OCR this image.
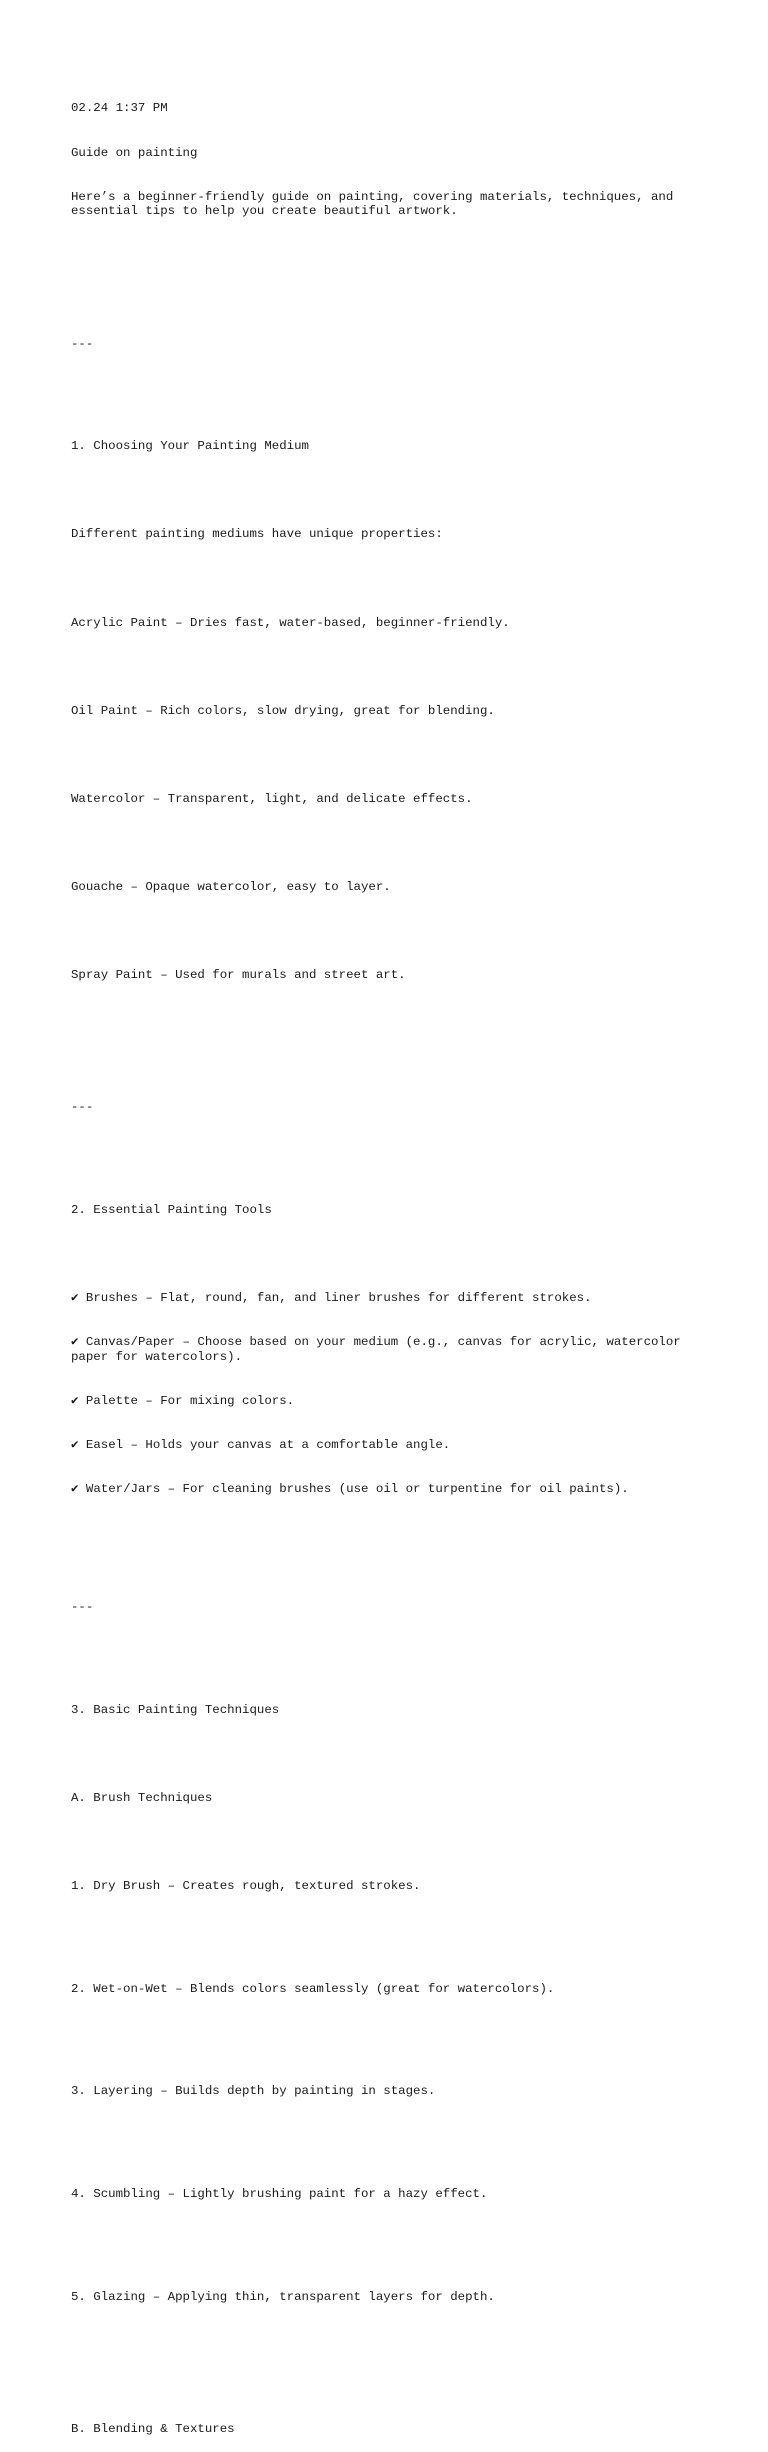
02.24 1:37 PM

Guide on painting

Here’s a beginner-friendly guide on painting, covering materials, techniques, and essential tips to help you create beautiful artwork.

---

1. Choosing Your Painting Medium

Different painting mediums have unique properties:

Acrylic Paint – Dries fast, water-based, beginner-friendly.

Oil Paint – Rich colors, slow drying, great for blending.

Watercolor – Transparent, light, and delicate effects.

Gouache – Opaque watercolor, easy to layer.

Spray Paint – Used for murals and street art.

---

2. Essential Painting Tools

✔ Brushes – Flat, round, fan, and liner brushes for different strokes.

✔ Canvas/Paper – Choose based on your medium (e.g., canvas for acrylic, watercolor paper for watercolors).

✔ Palette – For mixing colors.

✔ Easel – Holds your canvas at a comfortable angle.

✔ Water/Jars – For cleaning brushes (use oil or turpentine for oil paints).

---

3. Basic Painting Techniques

A. Brush Techniques

1. Dry Brush – Creates rough, textured strokes.

2. Wet-on-Wet – Blends colors seamlessly (great for watercolors).

3. Layering – Builds depth by painting in stages.

4. Scumbling – Lightly brushing paint for a hazy effect.

5. Glazing – Applying thin, transparent layers for depth.

B. Blending & Textures
